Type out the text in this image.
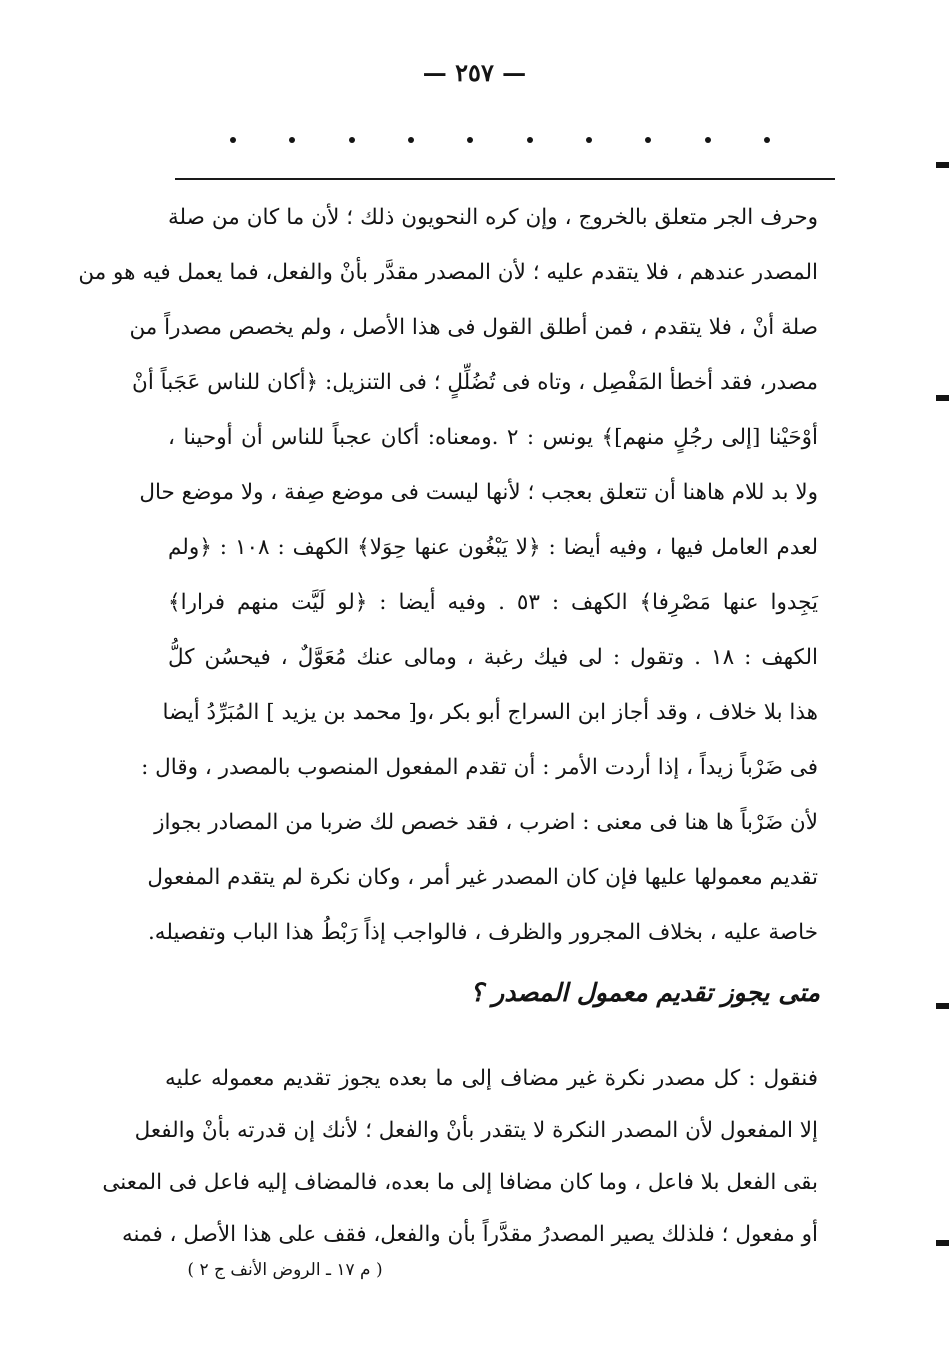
— ٢٥٧ —
وحرف الجر متعلق بالخروج ، وإن كره النحويون ذلك ؛ لأن ما كان من صلة
المصدر عندهم ، فلا يتقدم عليه ؛ لأن المصدر مقدَّر بأنْ والفعل، فما يعمل فيه هو من
صلة أنْ ، فلا يتقدم ، فمن أطلق القول فى هذا الأصل ، ولم يخصص مصدراً من
مصدر، فقد أخطأ المَفْصِل ، وتاه فى تُضُلِّلٍ ؛ فى التنزيل: ﴿أكان للناس عَجَباً أنْ
أوْحَيْنا [إلى رجُلٍ منهم]﴾ يونس : ٢ .ومعناه: أكان عجباً للناس أن أوحينا ،
ولا بد للام هاهنا أن تتعلق بعجب ؛ لأنها ليست فى موضع صِفة ، ولا موضع حال
لعدم العامل فيها ، وفيه أيضا : ﴿لا يَبْغُون عنها حِوَلا﴾ الكهف : ١٠٨ : ﴿ولم
يَجِدوا عنها مَصْرِفا﴾ الكهف : ٥٣ . وفيه أيضا : ﴿لو لَيَّت منهم فرارا﴾
الكهف : ١٨ . وتقول : لى فيك رغبة ، ومالى عنك مُعَوَّلٌ ، فيحسُن كلُّ
هذا بلا خلاف ، وقد أجاز ابن السراج أبو بكر ،و[ محمد بن يزيد ] المُبَرِّدُ أيضا
فى ضَرْباً زيداً ، إذا أردت الأمر : أن تقدم المفعول المنصوب بالمصدر ، وقال :
لأن ضَرْباً ها هنا فى معنى : اضرب ، فقد خصص لك ضربا من المصادر بجواز
تقديم معمولها عليها فإن كان المصدر غير أمر ، وكان نكرة لم يتقدم المفعول
خاصة عليه ، بخلاف المجرور والظرف ، فالواجب إذاً رَبْطُ هذا الباب وتفصيله.
متى يجوز تقديم معمول المصدر ؟
فنقول : كل مصدر نكرة غير مضاف إلى ما بعده يجوز تقديم معموله عليه
إلا المفعول لأن المصدر النكرة لا يتقدر بأنْ والفعل ؛ لأنك إن قدرته بأنْ والفعل
بقى الفعل بلا فاعل ، وما كان مضافا إلى ما بعده، فالمضاف إليه فاعل فى المعنى
أو مفعول ؛ فلذلك يصير المصدرُ مقدَّراً بأن والفعل، فقف على هذا الأصل ، فمنه
( م ١٧ ـ الروض الأنف ج ٢ )
